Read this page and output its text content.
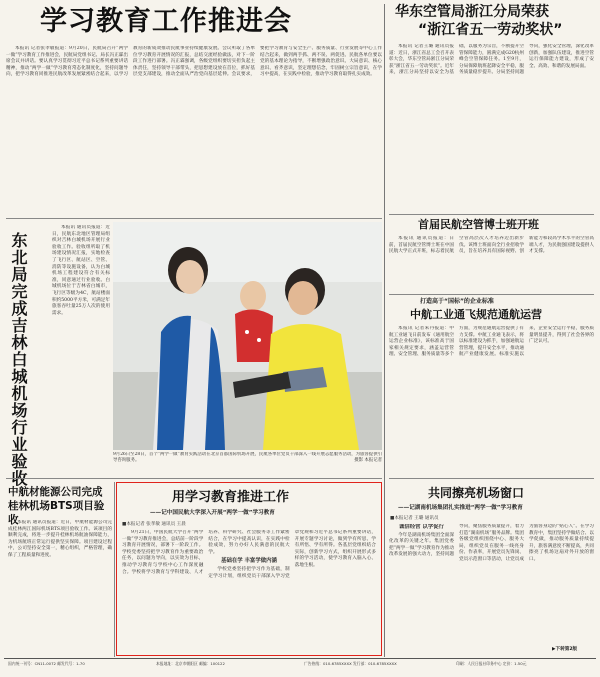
学习教育工作推进会

本报讯 记者张孝敏报道：9月20日，民航局召开“两学一做”学习教育工作推进会，民航局党组书记、局长冯正霖出席会议并讲话。要认真学习贯彻习近平总书记系列重要讲话精神，推动“两学一做”学习教育常态化制度化，坚持问题导向，把学习教育同推进民航改革发展紧密结合起来，以学习教育的新成效推动民航事业持续健康发展。会议听取了各单位学习教育开展情况的汇报，总结交流经验做法，对下一阶段工作进行部署。冯正霖强调，各级党组织要切实担负起主体责任，坚持领导干部带头，把思想建设放在首位，抓好基层党支部建设，推动全面从严治党向基层延伸。会议要求，要把学习教育与安全生产、服务质量、行业发展等中心工作结合起来，做到两手抓、两不误、两促进。民航各单位要以党的基本理论为指导，不断增强政治意识、大局意识、核心意识、看齐意识，坚定理想信念，牢固树立宗旨意识，在学习中提高，在实践中检验，推动学习教育取得扎实成效。

东北局完成吉林白城机场行业验收

本报讯 通讯员报道：近日，民航东北地区管理局组织对吉林白城机场开展行业验收工作。验收组听取了机场建设情况汇报，实地检查了飞行区、航站区、空管、消防等设施设备，认为白城机场工程建设符合有关标准，同意通过行业验收。白城机场位于吉林省白城市，飞行区等级为4C，航站楼面积约5000平方米，可满足年旅客吞吐量25万人次的使用需求。

9月26日至28日，首个“两学一做”教育实践活动在北京首都国际机场开展，民航各单位党员干部深入一线开展志愿服务活动，为旅客提供引导咨询服务。	摄影 本报记者
中航材能源公司完成桂林机场BTS项目验收

本报讯 通讯员报道：近日，中航材能源公司完成桂林两江国际机场BTS项目验收工作。该项目的顺利完成，将进一步提升桂林机场航油保障能力，为机场航班正常运行提供坚实保障。项目建设过程中，公司坚持安全第一，精心组织，严格管理，确保了工程质量和进度。

用学习教育推进工作
——记中国民航大学深入开展“两学一做”学习教育
■本报记者 张孝敏 通讯员 王晨

9月21日，中国民航大学召开“两学一做”学习教育推进会，总结前一阶段学习教育开展情况，部署下一阶段工作。学校党委坚持把学习教育作为重要政治任务，以问题为导向，以实效为目标，推动学习教育与学校中心工作深度融合。学校将学习教育与学科建设、人才培养、科学研究、社会服务等工作紧密结合，在学习中提高认识，在实践中检验成效，努力办好人民满意的民航大学。

基础在学 丰富学做内涵

学校党委坚持把学习作为基础，制定学习计划，组织党员干部深入学习党章党规和习近平总书记系列重要讲话，开展专题学习讨论，做到学有所思、学有所悟、学有所得。各基层党组织结合实际，创新学习方式，组织开展形式多样的学习活动，使学习教育入脑入心、落地生根。

华东空管局浙江分局荣获
“浙江省五一劳动奖状”

本报讯 记者王璐 通讯员报道：近日，浙江省总工会召开表彰大会，华东空管局浙江分局荣获“浙江省五一劳动奖状”。近年来，浙江分局坚持以安全为基础，以服务为宗旨，不断提升空管保障能力，圆满完成G20杭州峰会空管保障任务。1至9月，分局保障航班起降安全平稳，服务质量稳步提升。分局坚持问题导向，强化安全管理，深化改革创新，加强队伍建设，推进空管运行保障能力建设，形成了安全、高效、和谐的发展局面。

首届民航空管博士班开班

本报讯 通讯员报道：日前，首届民航空管博士班在中国民航大学正式开班，标志着民航空管高层次人才培养迈出新步伐。该博士班面向全行业招收学员，旨在培养具有国际视野、创新能力和较高学术水平的空管高端人才，为民航强国建设提供人才支撑。

打造高于“国标”的企业标准
中航工业通飞规范通航运营

本报讯 记者朱丹报道：中航工业通飞日前发布《通用航空运营企业标准》，该标准高于国家相关规定要求，涵盖运营管理、安全管理、服务质量等多个方面，为规范通航运营提供了有力支撑。中航工业通飞表示，将以标准建设为抓手，加强通航运营管理，提升安全水平，推动通航产业健康发展。标准实施以来，企业安全运行平稳，服务质量明显提升，得到了社会各界的广泛认可。

共同擦亮机场窗口
——记湖南机场集团扎实推进“两学一做”学习教育
■本报记者 王璐 通讯员

诚信经营 以学促行

今年是湖南机场集团全面深化改革的关键之年。集团党委把“两学一做”学习教育作为推动改革发展的强大动力，坚持问题导向，聚焦服务质量提升，着力打造“湖南机场”服务品牌。集团各级党组织围绕中心、服务大局，组织党员在服务一线亮身份、作表率，开展党员先锋岗、党员示范窗口等活动，让党员成为旅客身边的“贴心人”。在学习教育中，集团坚持学做结合、以学促做，推动服务质量持续提升，旅客满意度不断提高，共同擦亮了机场这扇对外开放的窗口。

▶下转第2版
国内统一刊号：CN11-0072 邮发代号：1-70	本报地址：北京市朝阳区 邮编：100122	广告热线：010-6785XXXX 发行部：010-6785XXXX	印刷：人民日报社印务中心 定价：1.50元
